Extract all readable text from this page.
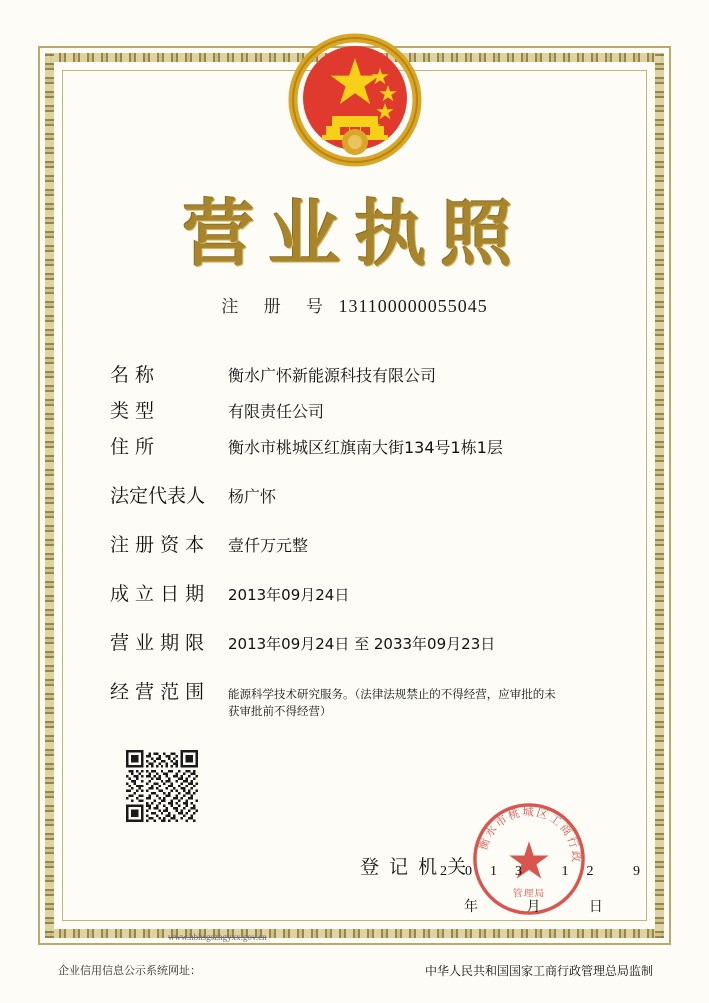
营业执照
注 册 号 131100000055045
名 称	衡水广怀新能源科技有限公司
类 型	有限责任公司
住 所	衡水市桃城区红旗南大街134号1栋1层
法定代表人	杨广怀
注 册 资 本	壹仟万元整
成 立 日 期	2013年09月24日
营 业 期 限	2013年09月24日 至 2033年09月23日
经 营 范 围	能源科学技术研究服务。（法律法规禁止的不得经营，应审批的未获审批前不得经营）
衡水市桃城区工商行政
管理局
登 记 机 关
2013 12 9
年 月 日
www.hbhsgszhgyxx.gov.cn
企业信用信息公示系统网址：	中华人民共和国国家工商行政管理总局监制
